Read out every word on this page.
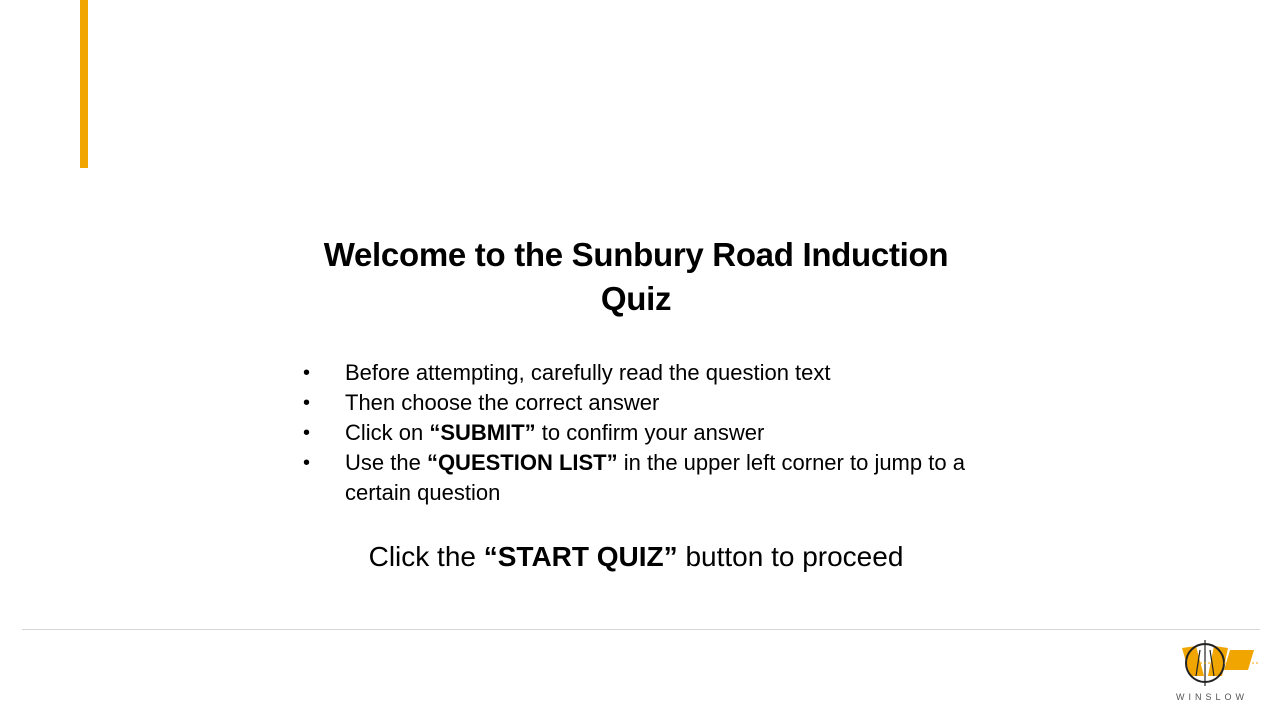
Welcome to the Sunbury Road Induction
Quiz
•	Before attempting, carefully read the question text
•	Then choose the correct answer
•	Click on “SUBMIT” to confirm your answer
•	Use the “QUESTION LIST” in the upper left corner to jump to a certain question
Click the “START QUIZ” button to proceed
WINSLOW
